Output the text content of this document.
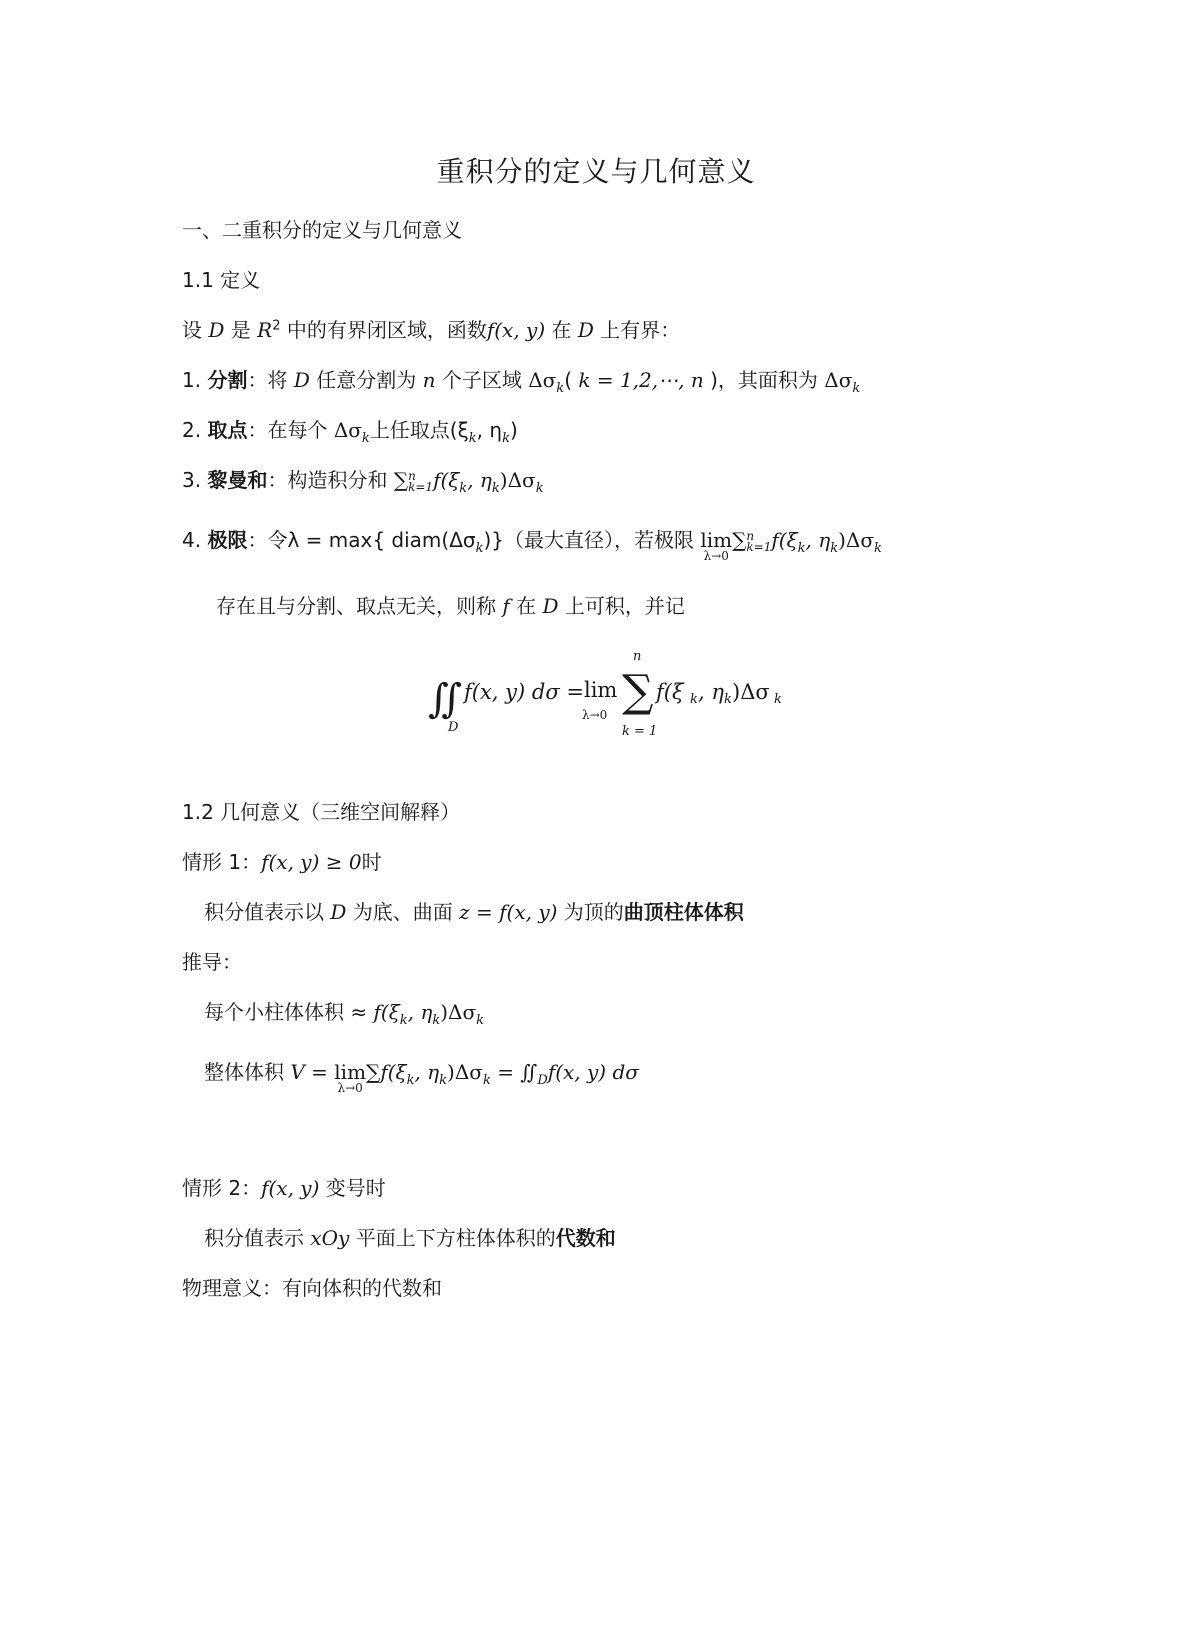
重积分的定义与几何意义
一、二重积分的定义与几何意义
1.1 定义
设 D 是 $R^2$ 中的有界闭区域，函数f(x, y) 在 D 上有界：
1. 分割：将 D 任意分割为 n 个子区域 $\Delta\sigma_k$( k = 1,2,⋯, n )，其面积为 $\Delta\sigma_k$
2. 取点：在每个 $\Delta\sigma_k$上任取点($\xi_k$, $\eta_k$)
3. 黎曼和：构造积分和 ∑ n
k=1 $f(\xi_k$, $\eta_k)\Delta\sigma_k$
4. 极限：令λ = max{ $diam(\Delta\sigma_k)$}（最大直径），若极限 lim
λ→0
∑ n
k=1 $f(\xi_k$, $\eta_k)\Delta\sigma_k$
存在且与分割、取点无关，则称 f 在 D 上可积，并记
∬
D
f(x, y) dσ = lim
λ→0 ∑
n
k = 1
f(ξ k , η k )Δσ k
1.2 几何意义（三维空间解释）
情形 1：f(x, y) ≥ 0时
积分值表示以 D 为底、曲面 z = f(x, y) 为顶的曲顶柱体体积
推导：
每个小柱体体积 ≈ $f(\xi_k$, $\eta_k)\Delta\sigma_k$
整体体积 V = lim
λ→0
$\sum f(\xi_k$, $\eta_k)\Delta\sigma_k$ = $∬_Df(x$, y) dσ
情形 2：f(x, y) 变号时
积分值表示 xOy 平面上下方柱体体积的代数和
物理意义：有向体积的代数和
